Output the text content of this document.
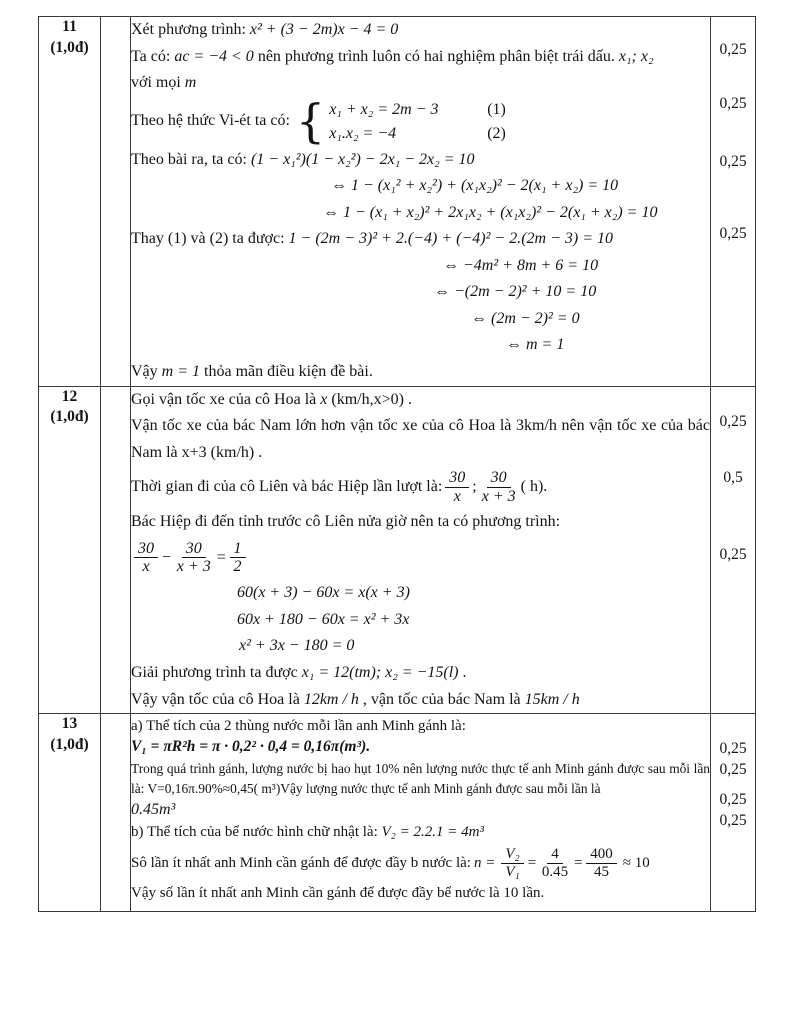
11
(1,0đ)

Xét phương trình: x² + (3 − 2m)x − 4 = 0
Ta có: ac = −4 < 0 nên phương trình luôn có hai nghiệm phân biệt trái dấu. x₁; x₂
với mọi m
Theo hệ thức Vi-ét ta có: { x₁ + x₂ = 2m − 3	(1)
x₁.x₂ = −4	(2)
Theo bài ra, ta có: (1 − x₁²)(1 − x₂²) − 2x₁ − 2x₂ = 10
⇔ 1 − (x₁² + x₂²) + (x₁x₂)² − 2(x₁ + x₂) = 10
⇔ 1 − (x₁ + x₂)² + 2x₁x₂ + (x₁x₂)² − 2(x₁ + x₂) = 10
Thay (1) và (2) ta được: 1 − (2m − 3)² + 2.(−4) + (−4)² − 2.(2m − 3) = 10
⇔ −4m² + 8m + 6 = 10
⇔ −(2m − 2)² + 10 = 10
⇔ (2m − 2)² = 0
⇔ m = 1
Vậy m = 1 thỏa mãn điều kiện đề bài.

0,25
0,25
0,25
0,25

12
(1,0đ)

Gọi vận tốc xe của cô Hoa là x (km/h,x>0) .
Vận tốc xe của bác Nam lớn hơn vận tốc xe của cô Hoa là 3km/h nên vận tốc xe của bác Nam là x+3 (km/h) .
Thời gian đi của cô Liên và bác Hiệp lần lượt là: $\frac{30}{x}$ ; $\frac{30}{x + 3}$ ( h).
Bác Hiệp đi đến tỉnh trước cô Liên nửa giờ nên ta có phương trình:
$\frac{30}{x} - \frac{30}{x + 3} = \frac{1}{2}$
60(x + 3) − 60x = x(x + 3)
60x + 180 − 60x = x² + 3x
x² + 3x − 180 = 0
Giải phương trình ta được x₁ = 12(tm); x₂ = −15(l) .
Vậy vận tốc của cô Hoa là 12km / h , vận tốc của bác Nam là 15km / h

0,25
0,5
0,25

13
(1,0đ)

a) Thể tích của 2 thùng nước mỗi lần anh Minh gánh là:
V₁ = πR²h = π · 0,2² · 0,4 = 0,16π(m³).
Trong quá trình gánh, lượng nước bị hao hụt 10% nên lượng nước thực tế anh Minh gánh được sau mỗi lần là: V=0,16π.90%≈0,45( m³)Vậy lượng nước thực tế anh Minh gánh được sau mỗi lần là
0.45m³
b) Thể tích của bể nước hình chữ nhật là: V₂ = 2.2.1 = 4m³
Sô lần ít nhất anh Minh cần gánh để được đầy b nước là: $n = \frac{\text{V₂}}{\text{V₁}} = \frac{4}{0.45} = \frac{400}{45} \approx 10$
Vậy số lần ít nhất anh Minh cần gánh để được đầy bể nước là 10 lần.

0,25
0,25
0,25
0,25
